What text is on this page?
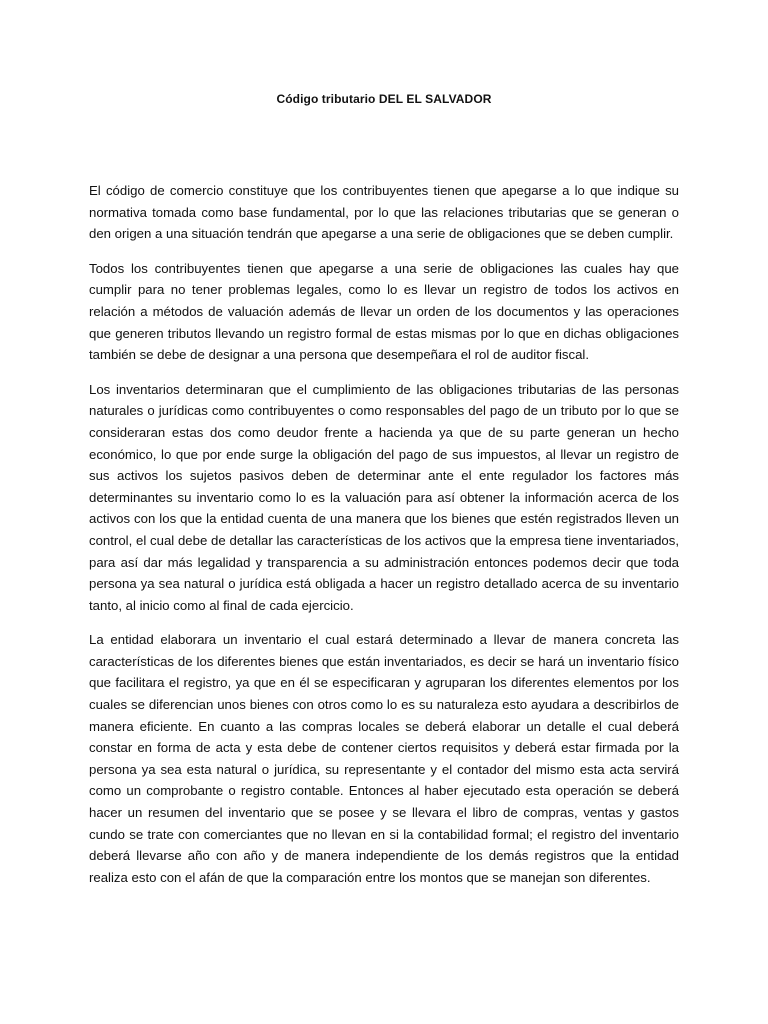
Código tributario DEL EL SALVADOR

El código de comercio constituye que los contribuyentes tienen que apegarse a lo que indique su normativa tomada como base fundamental, por lo que las relaciones tributarias que se generan o den origen a una situación tendrán que apegarse a una serie de obligaciones que se deben cumplir.

Todos los contribuyentes tienen que apegarse a una serie de obligaciones las cuales hay que cumplir para no tener problemas legales, como lo es llevar un registro de todos los activos en relación a métodos de valuación además de llevar un orden de los documentos y las operaciones que generen tributos llevando un registro formal de estas mismas por lo que en dichas obligaciones también se debe de designar a una persona que desempeñara el rol de auditor fiscal.

Los inventarios determinaran que el cumplimiento de las obligaciones tributarias de las personas naturales o jurídicas como contribuyentes o como responsables del pago de un tributo por lo que se consideraran estas dos como deudor frente a hacienda ya que de su parte generan un hecho económico, lo que por ende surge la obligación del pago de sus impuestos, al llevar un registro de sus activos los sujetos pasivos deben de determinar ante el ente regulador los factores más determinantes su inventario como lo es la valuación para así obtener la información acerca de los activos con los que la entidad cuenta de una manera que los bienes que estén registrados lleven un control, el cual debe de detallar las características de los activos que la empresa tiene inventariados, para así dar más legalidad y transparencia a su administración entonces podemos decir que toda persona ya sea natural o jurídica está obligada a hacer un registro detallado acerca de su inventario tanto, al inicio como al final de cada ejercicio.

La entidad elaborara un inventario el cual estará determinado a llevar de manera concreta las características de los diferentes bienes que están inventariados, es decir se hará un inventario físico que facilitara el registro, ya que en él se especificaran y agruparan los diferentes elementos por los cuales se diferencian unos bienes con otros como lo es su naturaleza esto ayudara a describirlos de manera eficiente. En cuanto a las compras locales se deberá elaborar un detalle el cual deberá constar en forma de acta y esta debe de contener ciertos requisitos y deberá estar firmada por la persona ya sea esta natural o jurídica, su representante y el contador del mismo esta acta servirá como un comprobante o registro contable. Entonces al haber ejecutado esta operación se deberá hacer un resumen del inventario que se posee y se llevara el libro de compras, ventas y gastos cundo se trate con comerciantes que no llevan en si la contabilidad formal; el registro del inventario deberá llevarse año con año y de manera independiente de los demás registros que la entidad realiza esto con el afán de que la comparación entre los montos que se manejan son diferentes.
